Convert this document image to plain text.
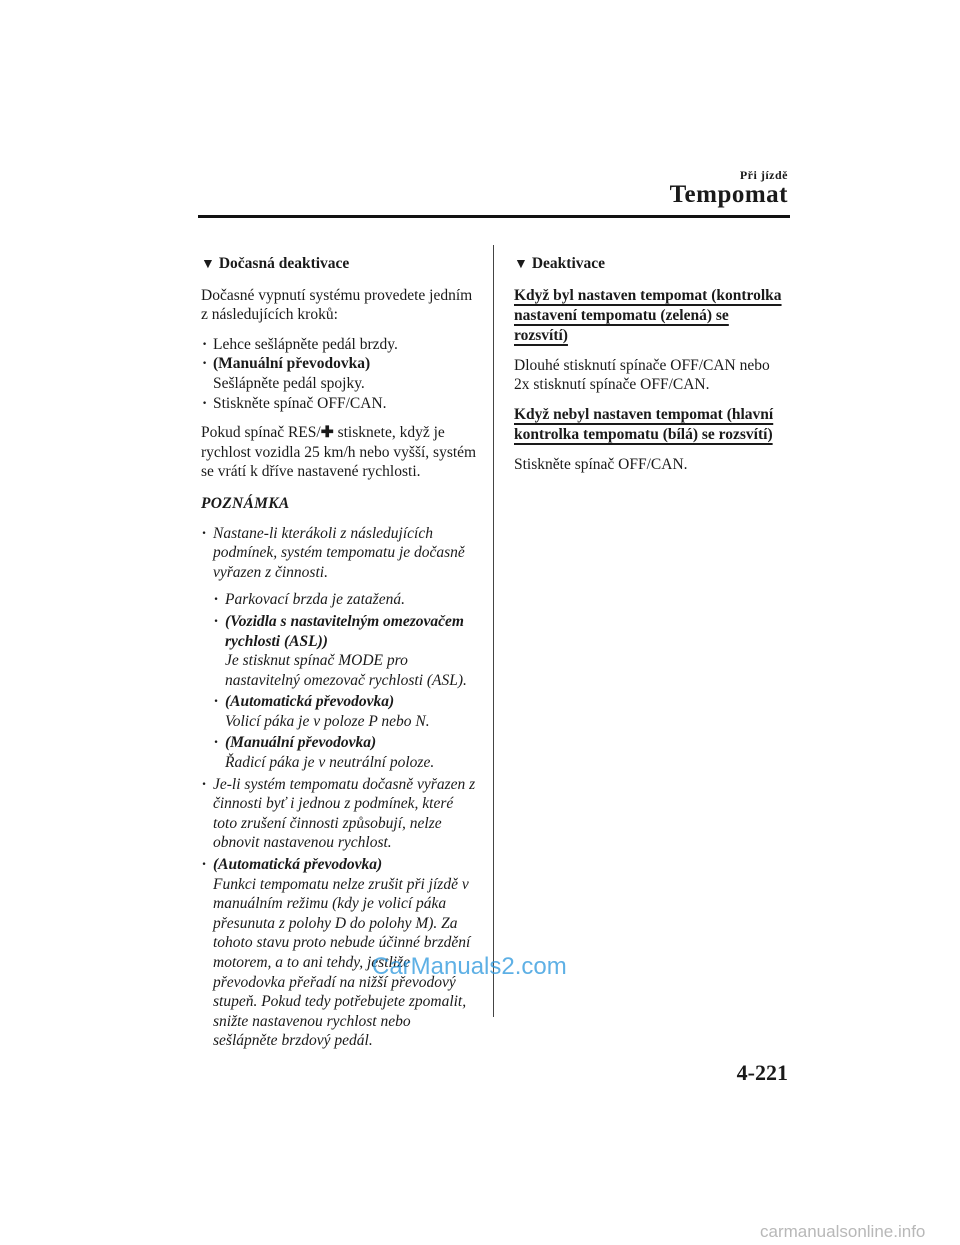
Při jízdě
Tempomat
▼ Dočasná deaktivace

Dočasné vypnutí systému provedete jedním z následujících kroků:

· Lehce sešlápněte pedál brzdy.
· (Manuální převodovka)
Sešlápněte pedál spojky.
· Stiskněte spínač OFF/CAN.

Pokud spínač RES/✚ stisknete, když je rychlost vozidla 25 km/h nebo vyšší, systém se vrátí k dříve nastavené rychlosti.

POZNÁMKA
· Nastane-li kterákoli z následujících podmínek, systém tempomatu je dočasně vyřazen z činnosti.
· Parkovací brzda je zatažená.
· (Vozidla s nastavitelným omezovačem rychlosti (ASL))
Je stisknut spínač MODE pro nastavitelný omezovač rychlosti (ASL).
· (Automatická převodovka)
Volicí páka je v poloze P nebo N.
· (Manuální převodovka)
Řadicí páka je v neutrální poloze.
· Je-li systém tempomatu dočasně vyřazen z činnosti byť i jednou z podmínek, které toto zrušení činnosti způsobují, nelze obnovit nastavenou rychlost.
· (Automatická převodovka)
Funkci tempomatu nelze zrušit při jízdě v manuálním režimu (kdy je volicí páka přesunuta z polohy D do polohy M). Za tohoto stavu proto nebude účinné brzdění motorem, a to ani tehdy, jestliže převodovka přeřadí na nižší převodový stupeň. Pokud tedy potřebujete zpomalit, snižte nastavenou rychlost nebo sešlápněte brzdový pedál.
▼ Deaktivace
Když byl nastaven tempomat (kontrolka nastavení tempomatu (zelená) se rozsvítí)

Dlouhé stisknutí spínače OFF/CAN nebo 2x stisknutí spínače OFF/CAN.

Když nebyl nastaven tempomat (hlavní kontrolka tempomatu (bílá) se rozsvítí)

Stiskněte spínač OFF/CAN.

4-221
CarManuals2.com
carmanualsonline.info
